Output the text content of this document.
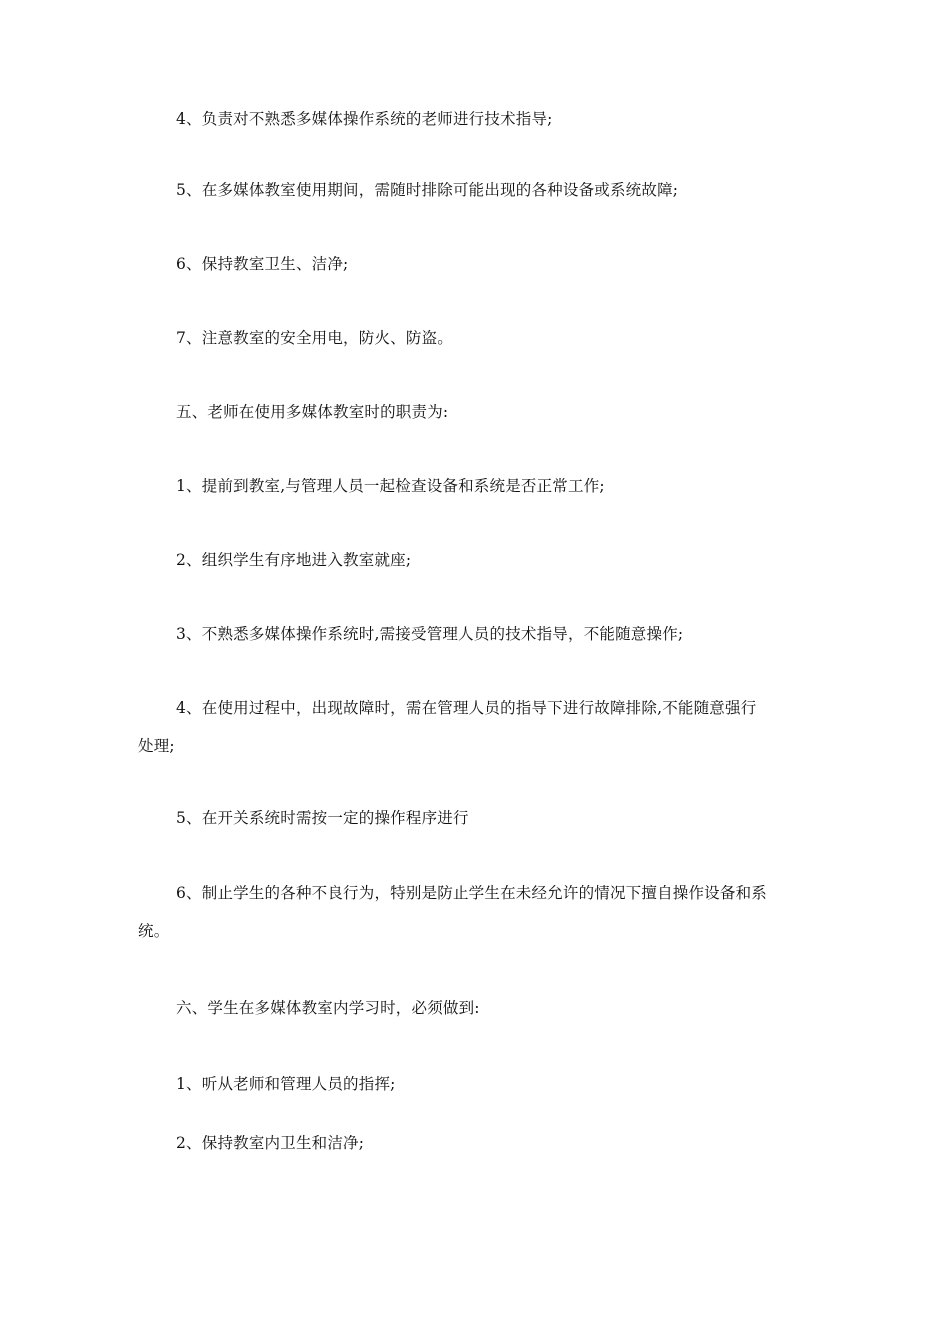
4、负责对不熟悉多媒体操作系统的老师进行技术指导;
5、在多媒体教室使用期间，需随时排除可能出现的各种设备或系统故障;
6、保持教室卫生、洁净;
7、注意教室的安全用电，防火、防盗。
五、老师在使用多媒体教室时的职责为:
1、提前到教室,与管理人员一起检查设备和系统是否正常工作;
2、组织学生有序地进入教室就座;
3、不熟悉多媒体操作系统时,需接受管理人员的技术指导，不能随意操作;
4、在使用过程中，出现故障时，需在管理人员的指导下进行故障排除,不能随意强行
处理;
5、在开关系统时需按一定的操作程序进行
6、制止学生的各种不良行为，特别是防止学生在未经允许的情况下擅自操作设备和系
统。
六、学生在多媒体教室内学习时，必须做到:
1、听从老师和管理人员的指挥;
2、保持教室内卫生和洁净;
